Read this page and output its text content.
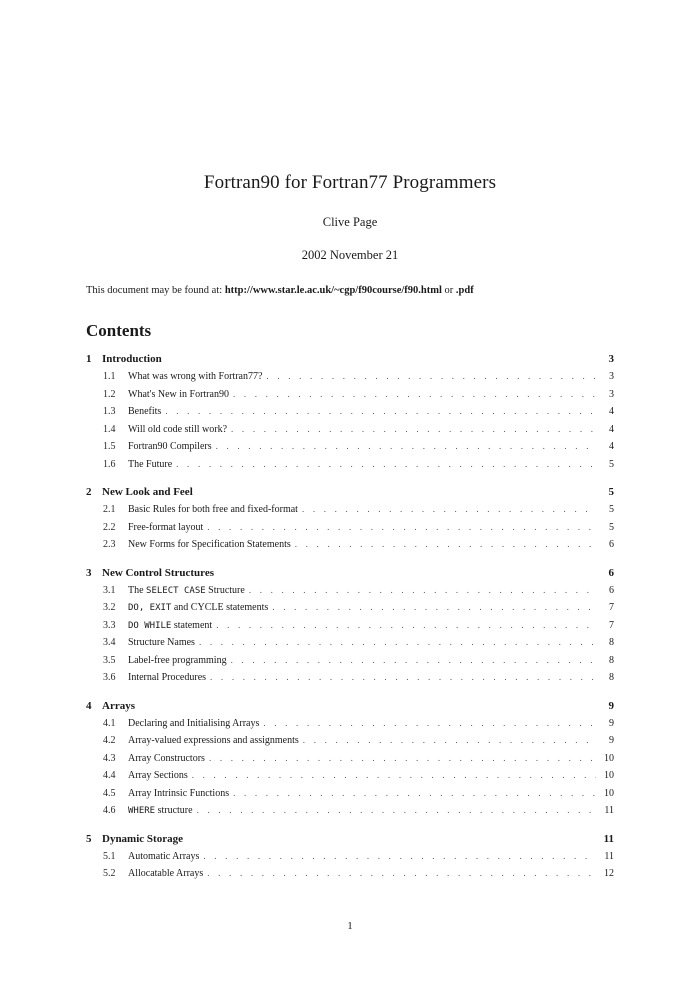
Fortran90 for Fortran77 Programmers
Clive Page
2002 November 21
This document may be found at: http://www.star.le.ac.uk/~cgp/f90course/f90.html or .pdf
Contents
1 Introduction	3
1.1	What was wrong with Fortran77? . . .	3
1.2	What's New in Fortran90 . . .	3
1.3	Benefits . . .	4
1.4	Will old code still work? . . .	4
1.5	Fortran90 Compilers . . .	4
1.6	The Future . . .	5
2 New Look and Feel	5
2.1	Basic Rules for both free and fixed-format . . .	5
2.2	Free-format layout . . .	5
2.3	New Forms for Specification Statements . . .	6
3 New Control Structures	6
3.1	The SELECT CASE Structure . . .	6
3.2	DO, EXIT and CYCLE statements . . .	7
3.3	DO WHILE statement . . .	7
3.4	Structure Names . . .	8
3.5	Label-free programming . . .	8
3.6	Internal Procedures . . .	8
4 Arrays	9
4.1	Declaring and Initialising Arrays . . .	9
4.2	Array-valued expressions and assignments . . .	9
4.3	Array Constructors . . .	10
4.4	Array Sections . . .	10
4.5	Array Intrinsic Functions . . .	10
4.6	WHERE structure . . .	11
5 Dynamic Storage	11
5.1	Automatic Arrays . . .	11
5.2	Allocatable Arrays . . .	12
1
